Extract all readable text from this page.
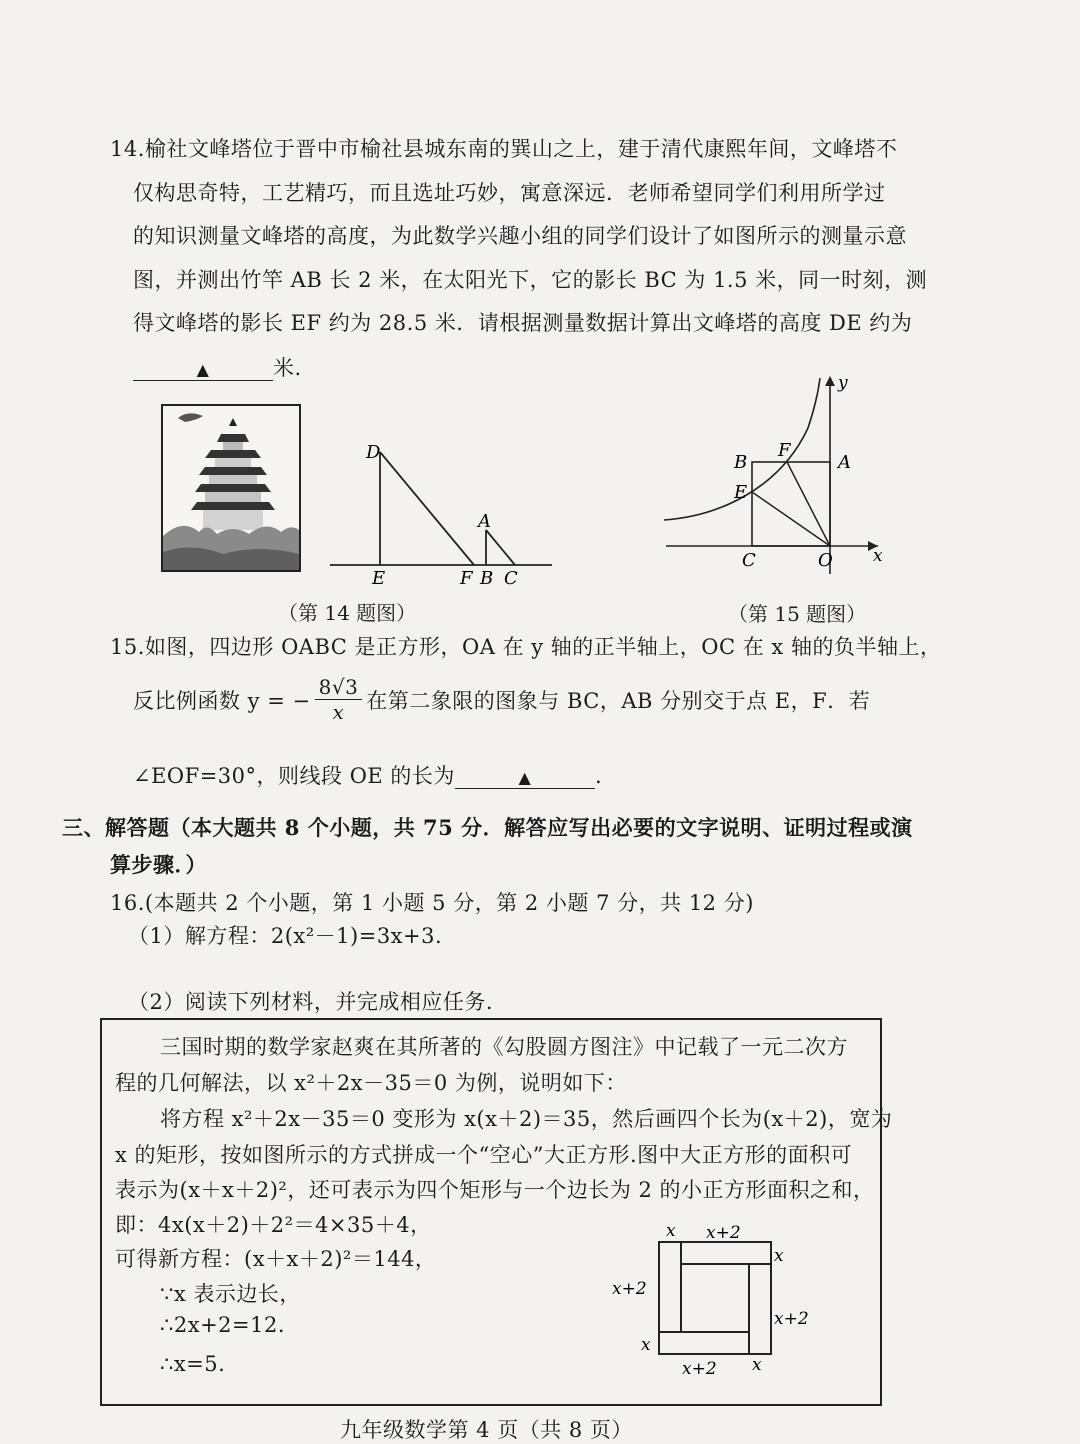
14.榆社文峰塔位于晋中市榆社县城东南的巽山之上，建于清代康熙年间，文峰塔不
仅构思奇特，工艺精巧，而且选址巧妙，寓意深远．老师希望同学们利用所学过
的知识测量文峰塔的高度，为此数学兴趣小组的同学们设计了如图所示的测量示意
图，并测出竹竿 AB 长 2 米，在太阳光下，它的影长 BC 为 1.5 米，同一时刻，测
得文峰塔的影长 EF 约为 28.5 米．请根据测量数据计算出文峰塔的高度 DE 约为
▲	米.
D
A
E	F B C
y
x
B
F
A
E
C	O
（第 14 题图）	（第 15 题图）
15.如图，四边形 OABC 是正方形，OA 在 y 轴的正半轴上，OC 在 x 轴的负半轴上，
反比例函数 y = − $\frac{8√3}{x}$ 在第二象限的图象与 BC，AB 分别交于点 E，F．若
∠EOF=30°，则线段 OE 的长为	▲	.
三、解答题（本大题共 8 个小题，共 75 分．解答应写出必要的文字说明、证明过程或演
算步骤．）
16.(本题共 2 个小题，第 1 小题 5 分，第 2 小题 7 分，共 12 分)
（1）解方程：2(x²－1)=3x+3.
（2）阅读下列材料，并完成相应任务.
三国时期的数学家赵爽在其所著的《勾股圆方图注》中记载了一元二次方
程的几何解法，以 x²＋2x－35＝0 为例，说明如下：
将方程 x²＋2x－35＝0 变形为 x(x＋2)＝35，然后画四个长为(x＋2)，宽为
x 的矩形，按如图所示的方式拼成一个“空心”大正方形.图中大正方形的面积可
表示为(x＋x＋2)²，还可表示为四个矩形与一个边长为 2 的小正方形面积之和，
即：4x(x＋2)＋2²＝4×35＋4，
可得新方程：(x＋x＋2)²＝144，
∵x 表示边长，
∴2x+2=12.
∴x=5.
x x+2
x
x+2
x+2
x
x+2 x
九年级数学第 4 页（共 8 页）
